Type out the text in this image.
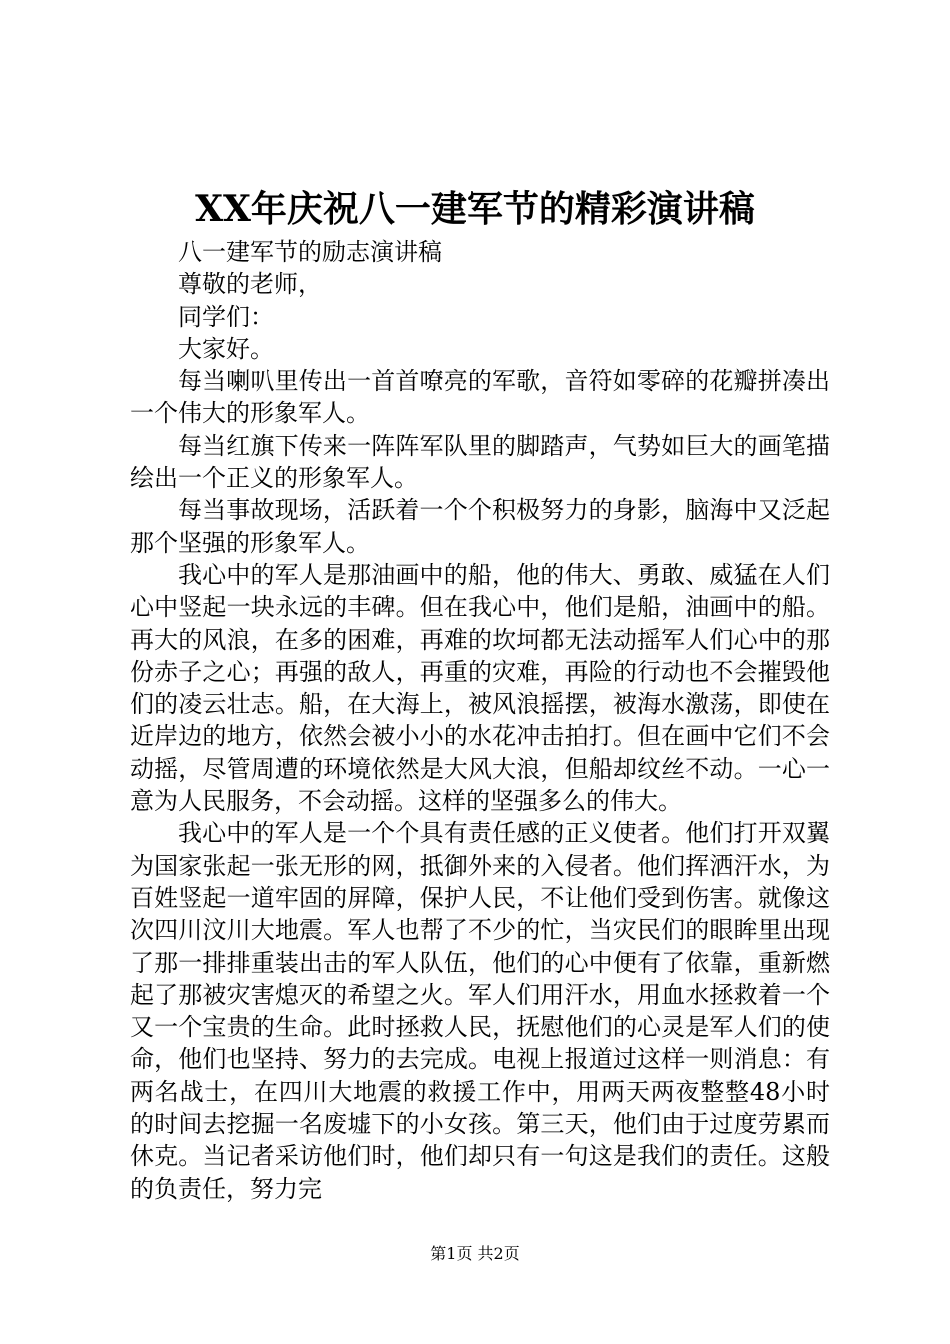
XX年庆祝八一建军节的精彩演讲稿

八一建军节的励志演讲稿

尊敬的老师，

同学们：

大家好。

每当喇叭里传出一首首嘹亮的军歌，音符如零碎的花瓣拼凑出一个伟大的形象军人。

每当红旗下传来一阵阵军队里的脚踏声，气势如巨大的画笔描绘出一个正义的形象军人。

每当事故现场，活跃着一个个积极努力的身影，脑海中又泛起那个坚强的形象军人。

我心中的军人是那油画中的船，他的伟大、勇敢、威猛在人们心中竖起一块永远的丰碑。但在我心中，他们是船，油画中的船。再大的风浪，在多的困难，再难的坎坷都无法动摇军人们心中的那份赤子之心；再强的敌人，再重的灾难，再险的行动也不会摧毁他们的凌云壮志。船，在大海上，被风浪摇摆，被海水激荡，即使在近岸边的地方，依然会被小小的水花冲击拍打。但在画中它们不会动摇，尽管周遭的环境依然是大风大浪，但船却纹丝不动。一心一意为人民服务，不会动摇。这样的坚强多么的伟大。

我心中的军人是一个个具有责任感的正义使者。他们打开双翼为国家张起一张无形的网，抵御外来的入侵者。他们挥洒汗水，为百姓竖起一道牢固的屏障，保护人民，不让他们受到伤害。就像这次四川汶川大地震。军人也帮了不少的忙，当灾民们的眼眸里出现了那一排排重装出击的军人队伍，他们的心中便有了依靠，重新燃起了那被灾害熄灭的希望之火。军人们用汗水，用血水拯救着一个又一个宝贵的生命。此时拯救人民，抚慰他们的心灵是军人们的使命，他们也坚持、努力的去完成。电视上报道过这样一则消息：有两名战士，在四川大地震的救援工作中，用两天两夜整整48小时的时间去挖掘一名废墟下的小女孩。第三天，他们由于过度劳累而休克。当记者采访他们时，他们却只有一句这是我们的责任。这般的负责任，努力完

第1页 共2页
